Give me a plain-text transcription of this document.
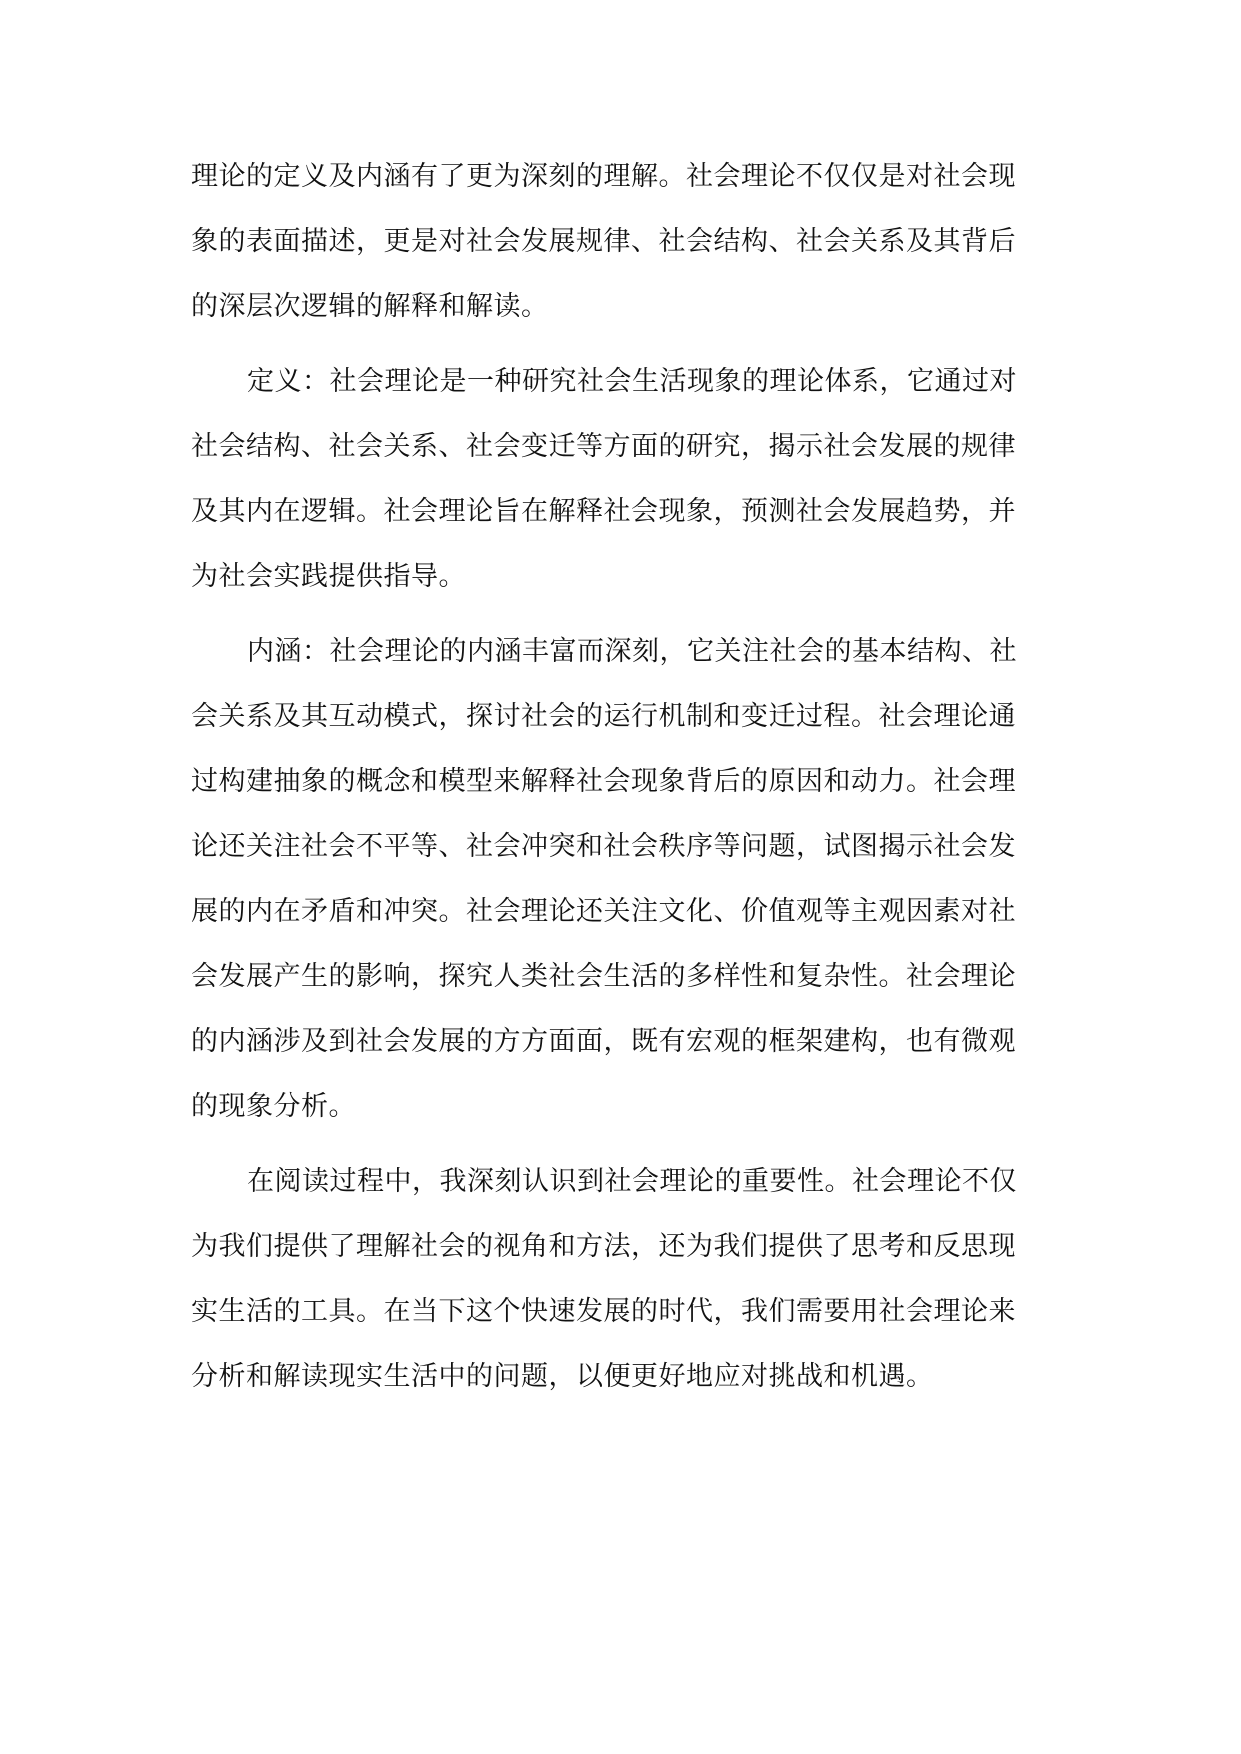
理论的定义及内涵有了更为深刻的理解。社会理论不仅仅是对社会现
象的表面描述，更是对社会发展规律、社会结构、社会关系及其背后
的深层次逻辑的解释和解读。
定义：社会理论是一种研究社会生活现象的理论体系，它通过对
社会结构、社会关系、社会变迁等方面的研究，揭示社会发展的规律
及其内在逻辑。社会理论旨在解释社会现象，预测社会发展趋势，并
为社会实践提供指导。
内涵：社会理论的内涵丰富而深刻，它关注社会的基本结构、社
会关系及其互动模式，探讨社会的运行机制和变迁过程。社会理论通
过构建抽象的概念和模型来解释社会现象背后的原因和动力。社会理
论还关注社会不平等、社会冲突和社会秩序等问题，试图揭示社会发
展的内在矛盾和冲突。社会理论还关注文化、价值观等主观因素对社
会发展产生的影响，探究人类社会生活的多样性和复杂性。社会理论
的内涵涉及到社会发展的方方面面，既有宏观的框架建构，也有微观
的现象分析。
在阅读过程中，我深刻认识到社会理论的重要性。社会理论不仅
为我们提供了理解社会的视角和方法，还为我们提供了思考和反思现
实生活的工具。在当下这个快速发展的时代，我们需要用社会理论来
分析和解读现实生活中的问题，以便更好地应对挑战和机遇。
